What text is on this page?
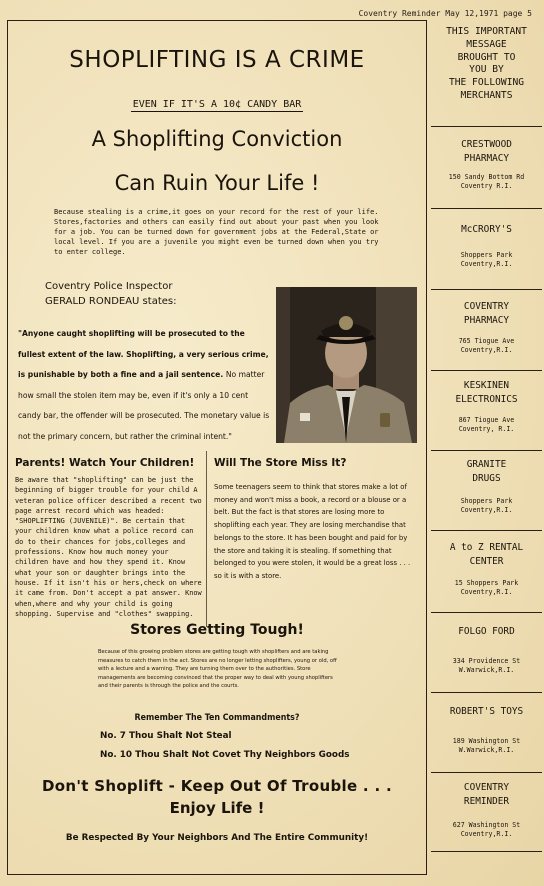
Coventry Reminder May 12,1971 page 5
SHOPLIFTING IS A CRIME
EVEN IF IT'S A 10¢ CANDY BAR
A Shoplifting Conviction
Can Ruin Your Life !
Because stealing is a crime,it goes on your record for the rest of your life. Stores,factories and others can easily find out about your past when you look for a job. You can be turned down for government jobs at the Federal,State or local level. If you are a juvenile you might even be turned down when you try to enter college.
Coventry Police Inspector
GERALD RONDEAU states:
"Anyone caught shoplifting will be prosecuted to the fullest extent of the law. Shoplifting, a very serious crime, is punishable by both a fine and a jail sentence. No matter how small the stolen item may be, even if it's only a 10 cent candy bar, the offender will be prosecuted. The monetary value is not the primary concern, but rather the criminal intent."
Parents! Watch Your Children! Will The Store Miss It?
Be aware that "shoplifting" can be just the beginning of bigger trouble for your child A veteran police officer described a recent two page arrest record which was headed: "SHOPLIFTING (JUVENILE)". Be certain that your children know what a police record can do to their chances for jobs,colleges and professions. Know how much money your children have and how they spend it. Know what your son or daughter brings into the house. If it isn't his or hers,check on where it came from. Don't accept a pat answer. Know when,where and why your child is going shopping. Supervise and "clothes" swapping.
Some teenagers seem to think that stores make a lot of money and won't miss a book, a record or a blouse or a belt. But the fact is that stores are losing more to shoplifting each year. They are losing merchandise that belongs to the store. It has been bought and paid for by the store and taking it is stealing. If something that belonged to you were stolen, it would be a great loss . . . so it is with a store.
Stores Getting Tough!
Because of this growing problem stores are getting tough with shoplifters and are taking measures to catch them in the act. Stores are no longer letting shoplifters, young or old, off with a lecture and a warning. They are turning them over to the authorities. Store managements are becoming convinced that the proper way to deal with young shoplifters and their parents is through the police and the courts.
Remember The Ten Commandments?
No. 7 Thou Shalt Not Steal
No. 10 Thou Shalt Not Covet Thy Neighbors Goods
Don't Shoplift - Keep Out Of Trouble . . .
Enjoy Life !
Be Respected By Your Neighbors And The Entire Community!
THIS IMPORTANT
MESSAGE
BROUGHT TO
YOU BY
THE FOLLOWING
MERCHANTS
CRESTWOOD
PHARMACY
150 Sandy Bottom Rd
Coventry R.I.
McCRORY'S
Shoppers Park
Coventry,R.I.
COVENTRY
PHARMACY
765 Tiogue Ave
Coventry,R.I.
KESKINEN
ELECTRONICS
867 Tiogue Ave
Coventry, R.I.
GRANITE
DRUGS
Shoppers Park
Coventry,R.I.
A to Z RENTAL
CENTER
15 Shoppers Park
Coventry,R.I.
FOLGO FORD
334 Providence St
W.Warwick,R.I.
ROBERT'S TOYS
189 Washington St
W.Warwick,R.I.
COVENTRY
REMINDER
627 Washington St
Coventry,R.I.
